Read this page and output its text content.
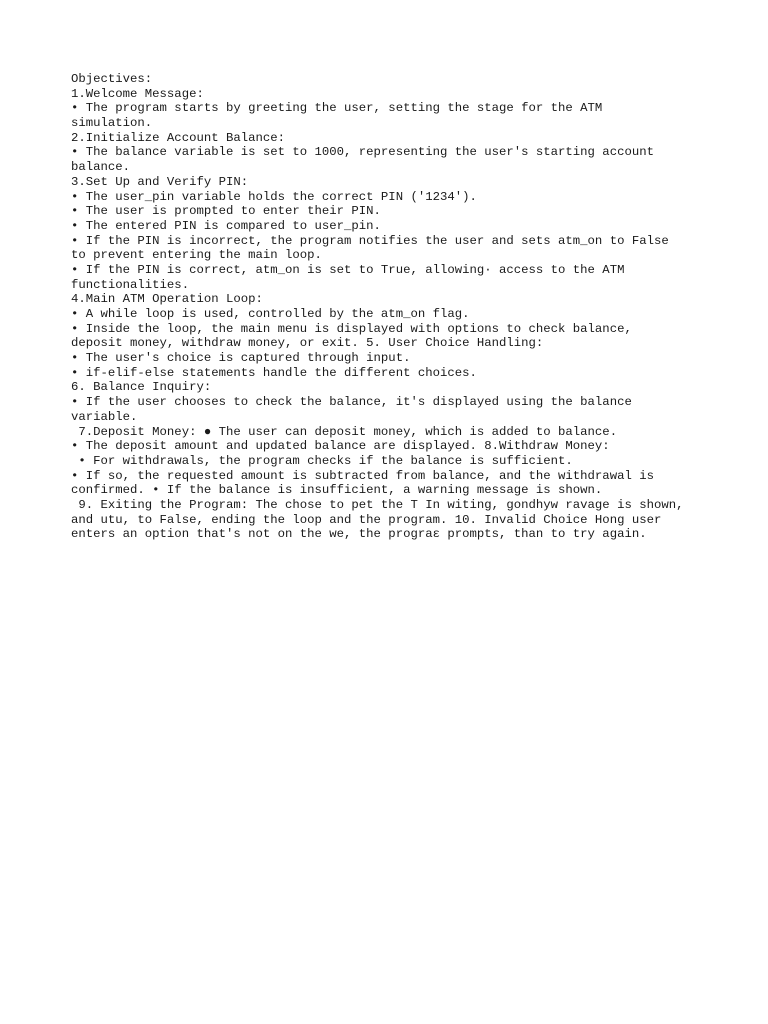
Objectives:
1.Welcome Message:
• The program starts by greeting the user, setting the stage for the ATM
simulation.
2.Initialize Account Balance:
• The balance variable is set to 1000, representing the user's starting account
balance.
3.Set Up and Verify PIN:
• The user_pin variable holds the correct PIN ('1234').
• The user is prompted to enter their PIN.
• The entered PIN is compared to user_pin.
• If the PIN is incorrect, the program notifies the user and sets atm_on to False
to prevent entering the main loop.
• If the PIN is correct, atm_on is set to True, allowing· access to the ATM
functionalities.
4.Main ATM Operation Loop:
• A while loop is used, controlled by the atm_on flag.
• Inside the loop, the main menu is displayed with options to check balance,
deposit money, withdraw money, or exit. 5. User Choice Handling:
• The user's choice is captured through input.
• if-elif-else statements handle the different choices.
6. Balance Inquiry:
• If the user chooses to check the balance, it's displayed using the balance
variable.
7.Deposit Money: ● The user can deposit money, which is added to balance.
• The deposit amount and updated balance are displayed. 8.Withdraw Money:
• For withdrawals, the program checks if the balance is sufficient.
• If so, the requested amount is subtracted from balance, and the withdrawal is
confirmed. • If the balance is insufficient, a warning message is shown.
9. Exiting the Program: The chose to pet the T In witing, gondhyw ravage is shown,
and utu, to False, ending the loop and the program. 10. Invalid Choice Hong user
enters an option that's not on the we, the prograε prompts, than to try again.
